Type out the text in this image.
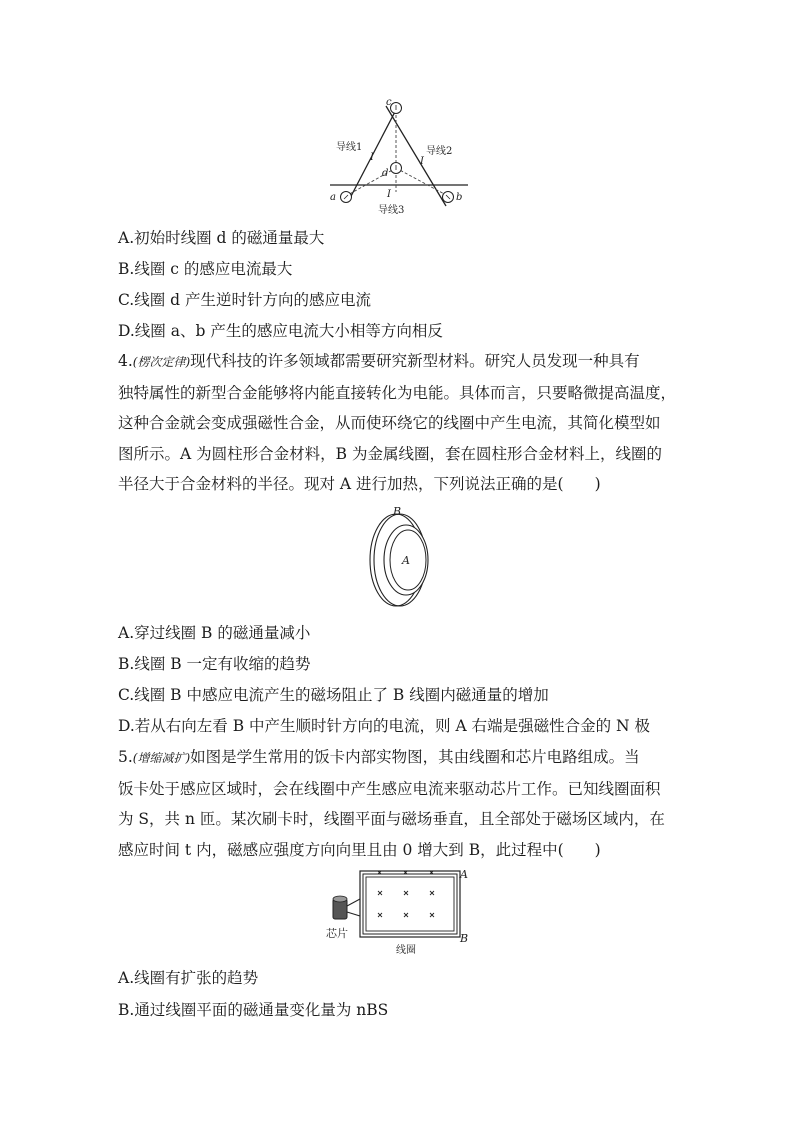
c
d
a	b
导线1	导线2
导线3
I	I
I
A.初始时线圈 d 的磁通量最大
B.线圈 c 的感应电流最大
C.线圈 d 产生逆时针方向的感应电流
D.线圈 a、b 产生的感应电流大小相等方向相反

4.(楞次定律)现代科技的许多领域都需要研究新型材料。研究人员发现一种具有

独特属性的新型合金能够将内能直接转化为电能。具体而言，只要略微提高温度，

这种合金就会变成强磁性合金，从而使环绕它的线圈中产生电流，其简化模型如

图所示。A 为圆柱形合金材料，B 为金属线圈，套在圆柱形合金材料上，线圈的

半径大于合金材料的半径。现对 A 进行加热，下列说法正确的是(　　)

B
A
A.穿过线圈 B 的磁通量减小
B.线圈 B 一定有收缩的趋势
C.线圈 B 中感应电流产生的磁场阻止了 B 线圈内磁通量的增加
D.若从右向左看 B 中产生顺时针方向的电流，则 A 右端是强磁性合金的 N 极

5.(增缩减扩)如图是学生常用的饭卡内部实物图，其由线圈和芯片电路组成。当

饭卡处于感应区域时，会在线圈中产生感应电流来驱动芯片工作。已知线圈面积

为 S，共 n 匝。某次刷卡时，线圈平面与磁场垂直，且全部处于磁场区域内，在

感应时间 t 内，磁感应强度方向向里且由 0 增大到 B，此过程中(　　)

芯片
线圈
A
B
A.线圈有扩张的趋势
B.通过线圈平面的磁通量变化量为 nBS
